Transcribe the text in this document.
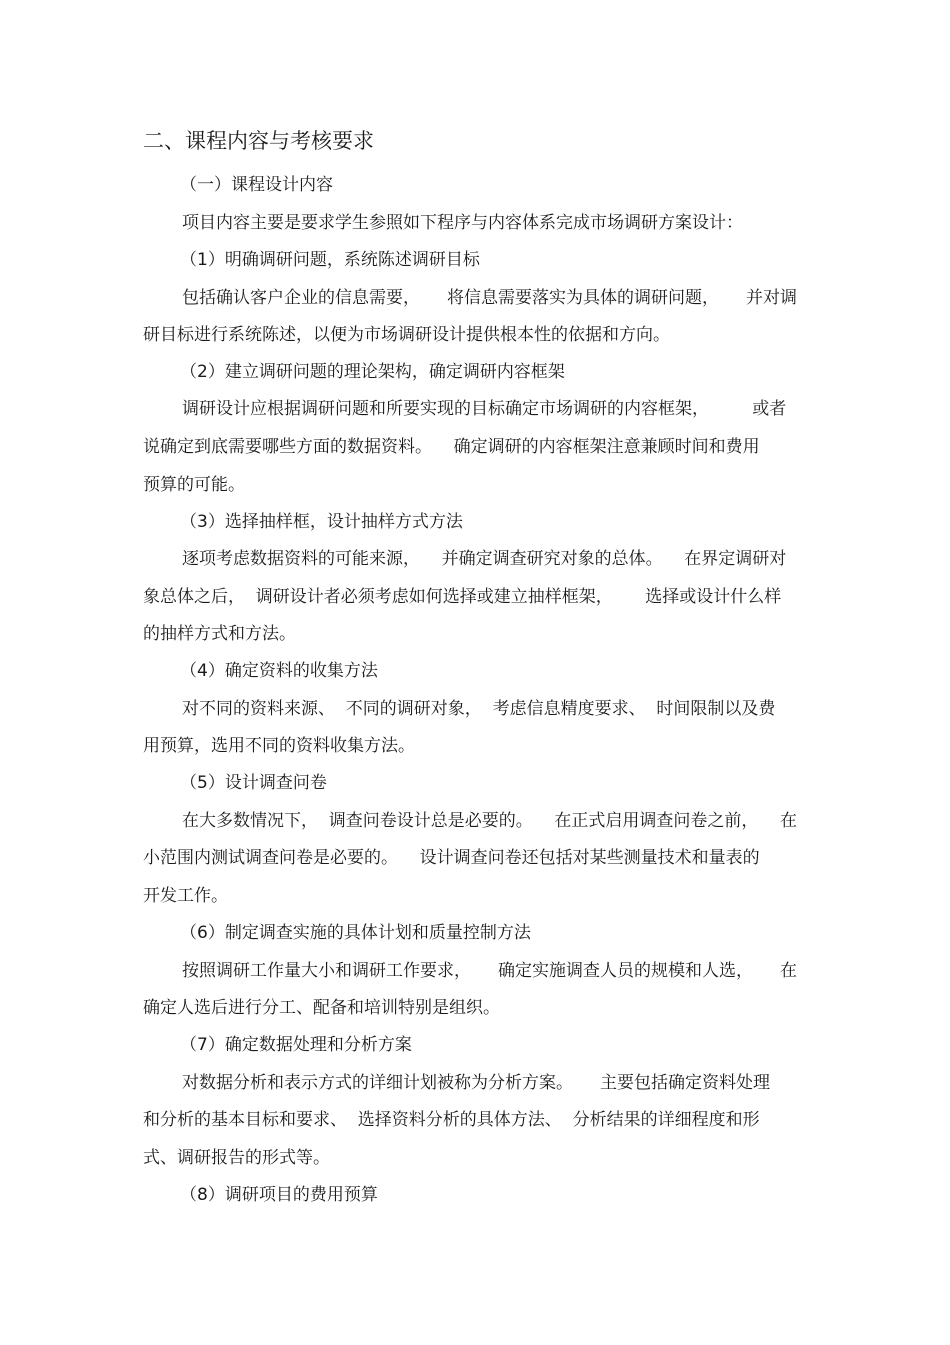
二、课程内容与考核要求
（一）课程设计内容
项目内容主要是要求学生参照如下程序与内容体系完成市场调研方案设计：
（1）明确调研问题，系统陈述调研目标
包括确认客户企业的信息需要，     将信息需要落实为具体的调研问题，     并对调
研目标进行系统陈述，以便为市场调研设计提供根本性的依据和方向。
（2）建立调研问题的理论架构，确定调研内容框架
调研设计应根据调研问题和所要实现的目标确定市场调研的内容框架，        或者
说确定到底需要哪些方面的数据资料。    确定调研的内容框架注意兼顾时间和费用
预算的可能。
（3）选择抽样框，设计抽样方式方法
逐项考虑数据资料的可能来源，    并确定调查研究对象的总体。    在界定调研对
象总体之后，  调研设计者必须考虑如何选择或建立抽样框架，      选择或设计什么样
的抽样方式和方法。
（4）确定资料的收集方法
对不同的资料来源、  不同的调研对象，  考虑信息精度要求、  时间限制以及费
用预算，选用不同的资料收集方法。
（5）设计调查问卷
在大多数情况下，  调查问卷设计总是必要的。    在正式启用调查问卷之前，    在
小范围内测试调查问卷是必要的。    设计调查问卷还包括对某些测量技术和量表的
开发工作。
（6）制定调查实施的具体计划和质量控制方法
按照调研工作量大小和调研工作要求，     确定实施调查人员的规模和人选，     在
确定人选后进行分工、配备和培训特别是组织。
（7）确定数据处理和分析方案
对数据分析和表示方式的详细计划被称为分析方案。     主要包括确定资料处理
和分析的基本目标和要求、  选择资料分析的具体方法、  分析结果的详细程度和形
式、调研报告的形式等。
（8）调研项目的费用预算
